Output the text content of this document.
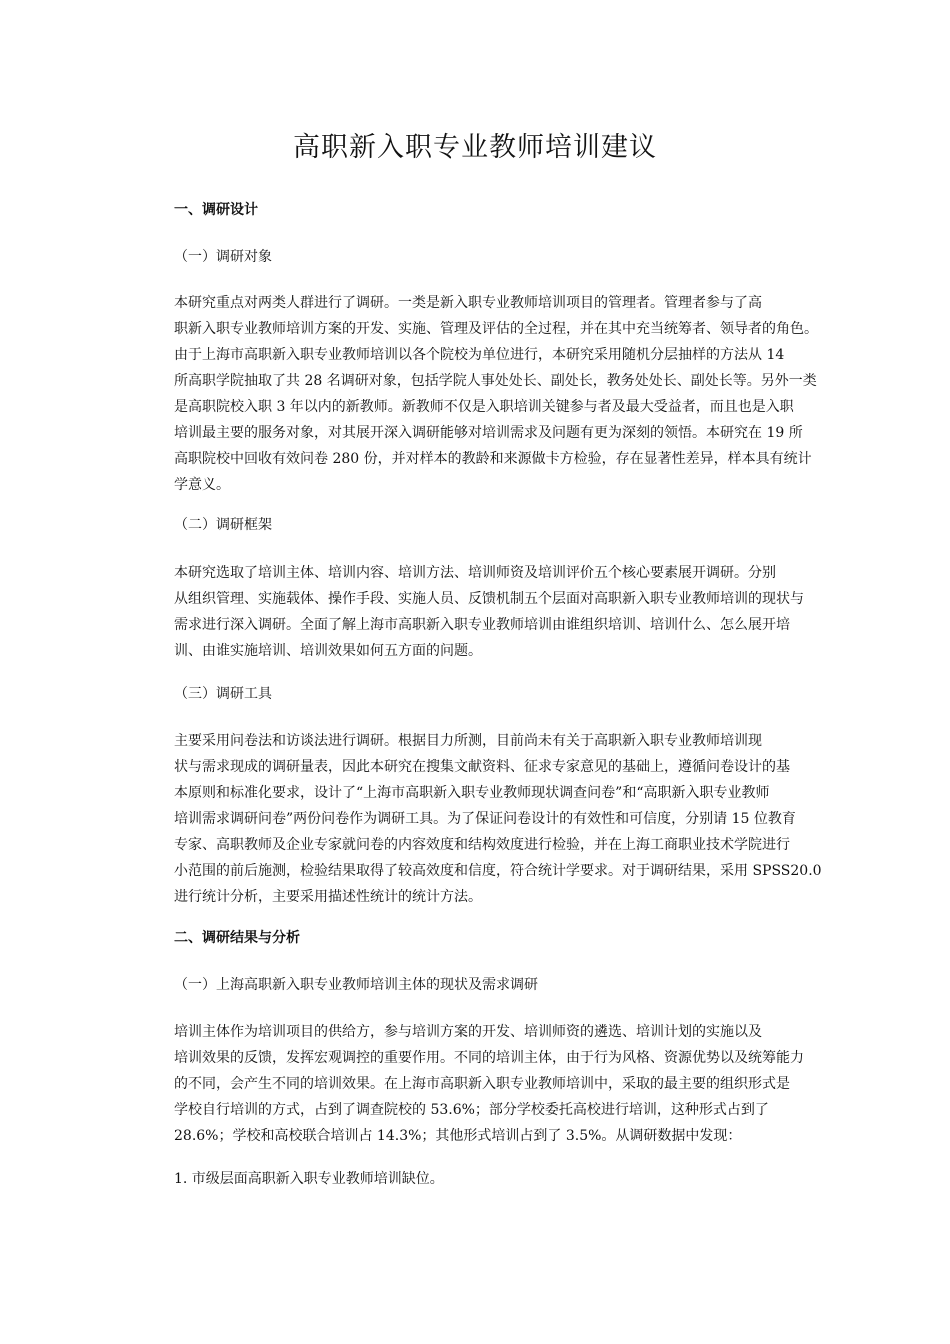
高职新入职专业教师培训建议

一、调研设计

（一）调研对象

本研究重点对两类人群进行了调研。一类是新入职专业教师培训项目的管理者。管理者参与了高
职新入职专业教师培训方案的开发、实施、管理及评估的全过程，并在其中充当统筹者、领导者的角色。
由于上海市高职新入职专业教师培训以各个院校为单位进行，本研究采用随机分层抽样的方法从 14
所高职学院抽取了共 28 名调研对象，包括学院人事处处长、副处长，教务处处长、副处长等。另外一类
是高职院校入职 3 年以内的新教师。新教师不仅是入职培训关键参与者及最大受益者，而且也是入职
培训最主要的服务对象，对其展开深入调研能够对培训需求及问题有更为深刻的领悟。本研究在 19 所
高职院校中回收有效问卷 280 份，并对样本的教龄和来源做卡方检验，存在显著性差异，样本具有统计
学意义。

（二）调研框架

本研究选取了培训主体、培训内容、培训方法、培训师资及培训评价五个核心要素展开调研。分别
从组织管理、实施载体、操作手段、实施人员、反馈机制五个层面对高职新入职专业教师培训的现状与
需求进行深入调研。全面了解上海市高职新入职专业教师培训由谁组织培训、培训什么、怎么展开培
训、由谁实施培训、培训效果如何五方面的问题。

（三）调研工具

主要采用问卷法和访谈法进行调研。根据目力所测，目前尚未有关于高职新入职专业教师培训现
状与需求现成的调研量表，因此本研究在搜集文献资料、征求专家意见的基础上，遵循问卷设计的基
本原则和标准化要求，设计了“上海市高职新入职专业教师现状调查问卷”和“高职新入职专业教师
培训需求调研问卷”两份问卷作为调研工具。为了保证问卷设计的有效性和可信度，分别请 15 位教育
专家、高职教师及企业专家就问卷的内容效度和结构效度进行检验，并在上海工商职业技术学院进行
小范围的前后施测，检验结果取得了较高效度和信度，符合统计学要求。对于调研结果，采用 SPSS20.0
进行统计分析，主要采用描述性统计的统计方法。

二、调研结果与分析

（一）上海高职新入职专业教师培训主体的现状及需求调研

培训主体作为培训项目的供给方，参与培训方案的开发、培训师资的遴选、培训计划的实施以及
培训效果的反馈，发挥宏观调控的重要作用。不同的培训主体，由于行为风格、资源优势以及统筹能力
的不同，会产生不同的培训效果。在上海市高职新入职专业教师培训中，采取的最主要的组织形式是
学校自行培训的方式，占到了调查院校的 53.6%；部分学校委托高校进行培训，这种形式占到了
28.6%；学校和高校联合培训占 14.3%；其他形式培训占到了 3.5%。从调研数据中发现：

1. 市级层面高职新入职专业教师培训缺位。
